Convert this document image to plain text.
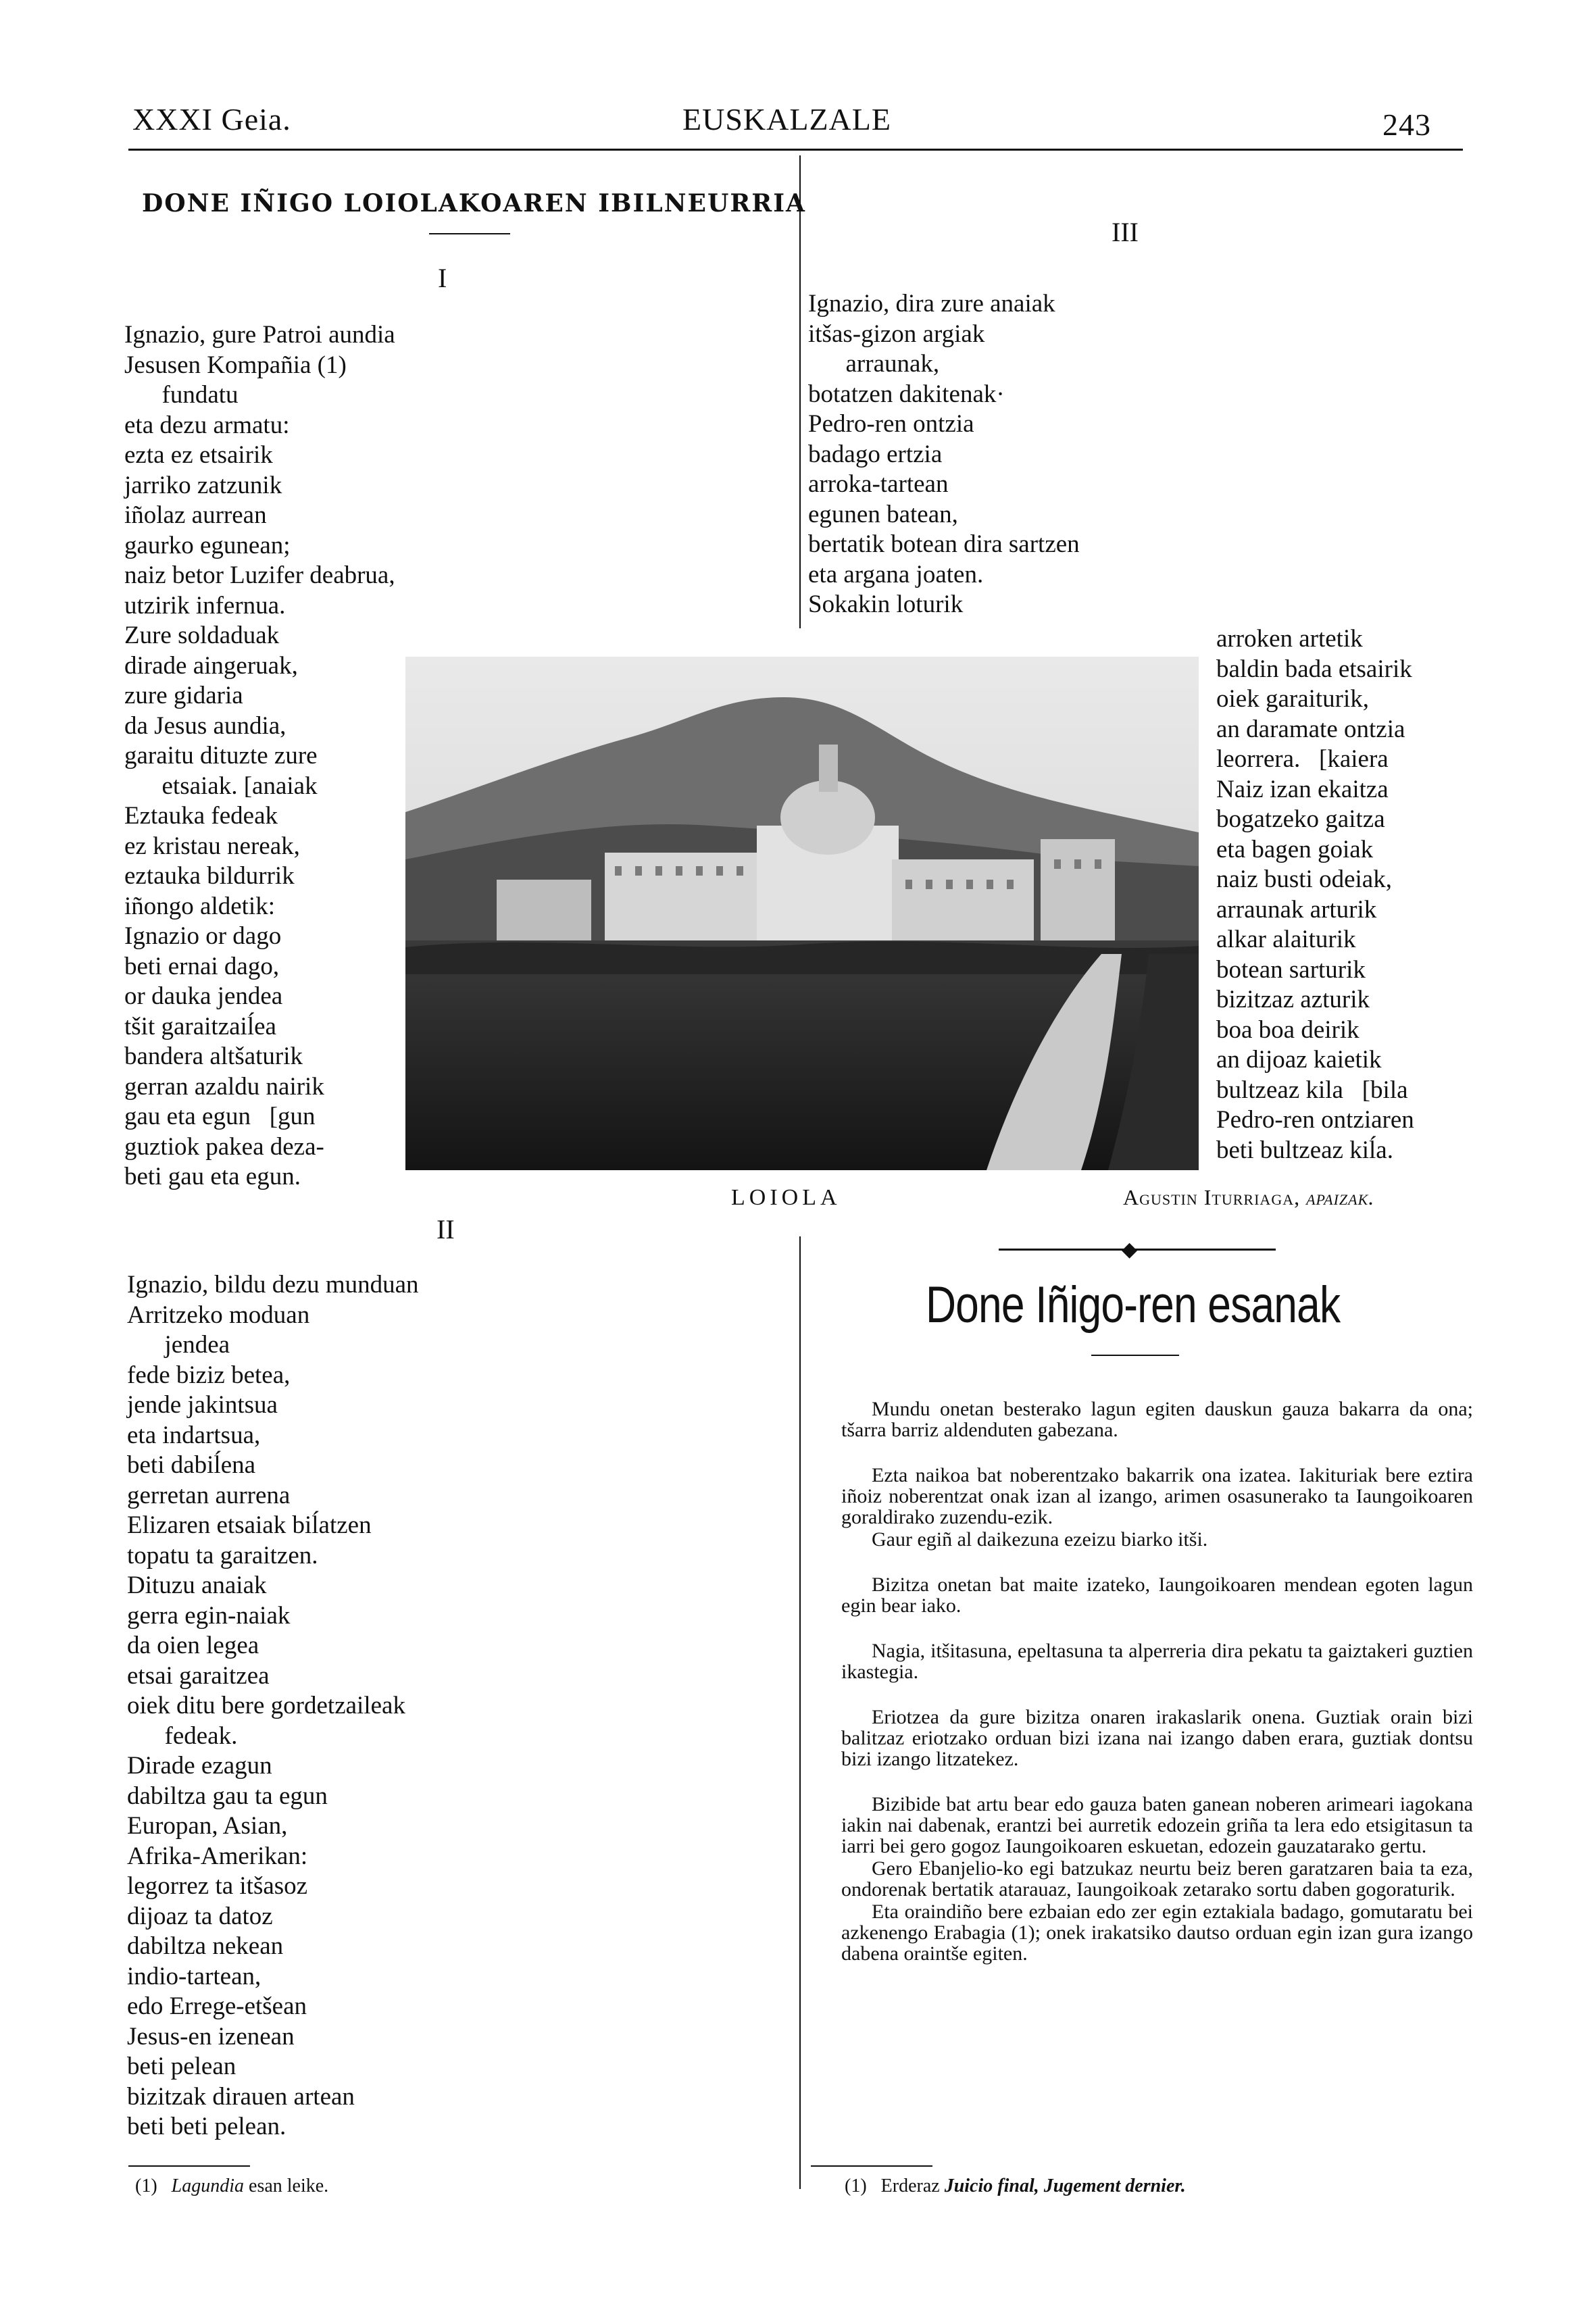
XXXI Geia.	EUSKALZALE	243
DONE IÑIGO LOIOLAKOAREN IBILNEURRIA
I
Ignazio, gure Patroi aundia
Jesusen Kompañia (1)
fundatu
eta dezu armatu:
ezta ez etsairik
jarriko zatzunik
iñolaz aurrean
gaurko egunean;
naiz betor Luzifer deabrua,
utzirik infernua.
Zure soldaduak
dirade aingeruak,
zure gidaria
da Jesus aundia,
garaitu dituzte zure
etsaiak. [anaiak
Eztauka fedeak
ez kristau nereak,
eztauka bildurrik
iñongo aldetik:
Ignazio or dago
beti ernai dago,
or dauka jendea
tšit garaitzaiĺea
bandera altšaturik
gerran azaldu nairik
gau eta egun   [gun
guztiok pakea deza-
beti gau eta egun.
II
Ignazio, bildu dezu munduan
Arritzeko moduan
jendea
fede biziz betea,
jende jakintsua
eta indartsua,
beti dabiĺena
gerretan aurrena
Elizaren etsaiak biĺatzen
topatu ta garaitzen.
Dituzu anaiak
gerra egin-naiak
da oien legea
etsai garaitzea
oiek ditu bere gordetzaileak
fedeak.
Dirade ezagun
dabiltza gau ta egun
Europan, Asian,
Afrika-Amerikan:
legorrez ta itšasoz
dijoaz ta datoz
dabiltza nekean
indio-tartean,
edo Errege-etšean
Jesus-en izenean
beti pelean
bizitzak dirauen artean
beti beti pelean.
III
Ignazio, dira zure anaiak
itšas-gizon argiak
arraunak,
botatzen dakitenak·
Pedro-ren ontzia
badago ertzia
arroka-tartean
egunen batean,
bertatik botean dira sartzen
eta argana joaten.
Sokakin loturik
arroken artetik
baldin bada etsairik
oiek garaiturik,
an daramate ontzia
leorrera.   [kaiera
Naiz izan ekaitza
bogatzeko gaitza
eta bagen goiak
naiz busti odeiak,
arraunak arturik
alkar alaiturik
botean sarturik
bizitzaz azturik
boa boa deirik
an dijoaz kaietik
bultzeaz kila   [bila
Pedro-ren ontziaren
beti bultzeaz kiĺa.
LOIOLA	Agustin Iturriaga, apaizak.
◆
Done Iñigo-ren esanak

Mundu onetan besterako lagun egiten dauskun gauza bakarra da ona; tšarra barriz aldenduten gabezana.

Ezta naikoa bat noberentzako bakarrik ona izatea. Iakituriak bere eztira iñoiz noberentzat onak izan al izango, arimen osasunerako ta Iaungoikoaren goraldirako zuzendu-ezik.

Gaur egiñ al daikezuna ezeizu biarko itši.

Bizitza onetan bat maite izateko, Iaungoikoaren mendean egoten lagun egin bear iako.

Nagia, itšitasuna, epeltasuna ta alperreria dira pekatu ta gaiztakeri guztien ikastegia.

Eriotzea da gure bizitza onaren irakaslarik onena. Guztiak orain bizi balitzaz eriotzako orduan bizi izana nai izango daben erara, guztiak dontsu bizi izango litzatekez.

Bizibide bat artu bear edo gauza baten ganean noberen arimeari iagokana iakin nai dabenak, erantzi bei aurretik edozein griña ta lera edo etsigitasun ta iarri bei gero gogoz Iaungoikoaren eskuetan, edozein gauzatarako gertu.

Gero Ebanjelio-ko egi batzukaz neurtu beiz beren garatzaren baia ta eza, ondorenak bertatik atarauaz, Iaungoikoak zetarako sortu daben gogoraturik.

Eta oraindiño bere ezbaian edo zer egin eztakiala badago, gomutaratu bei azkenengo Erabagia (1); onek irakatsiko dautso orduan egin izan gura izango dabena oraintše egiten.

(1) Lagundia esan leike.	(1) Erderaz Juicio final, Jugement dernier.
